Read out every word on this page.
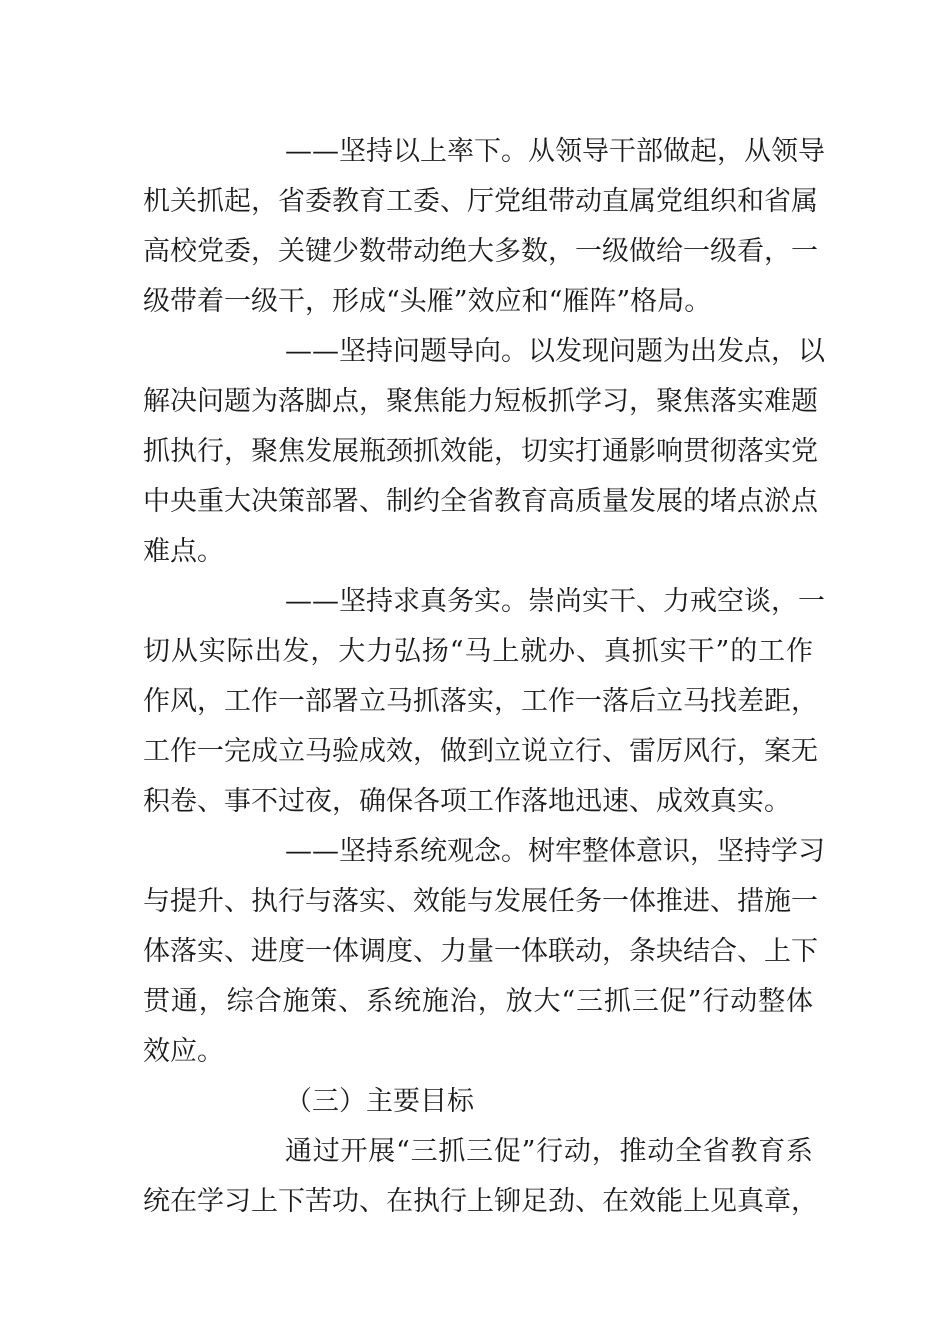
——坚持以上率下。从领导干部做起，从领导
机关抓起，省委教育工委、厅党组带动直属党组织和省属
高校党委，关键少数带动绝大多数，一级做给一级看，一
级带着一级干，形成“头雁”效应和“雁阵”格局。
——坚持问题导向。以发现问题为出发点，以
解决问题为落脚点，聚焦能力短板抓学习，聚焦落实难题
抓执行，聚焦发展瓶颈抓效能，切实打通影响贯彻落实党
中央重大决策部署、制约全省教育高质量发展的堵点淤点
难点。
——坚持求真务实。崇尚实干、力戒空谈，一
切从实际出发，大力弘扬“马上就办、真抓实干”的工作
作风，工作一部署立马抓落实，工作一落后立马找差距，
工作一完成立马验成效，做到立说立行、雷厉风行，案无
积卷、事不过夜，确保各项工作落地迅速、成效真实。
——坚持系统观念。树牢整体意识，坚持学习
与提升、执行与落实、效能与发展任务一体推进、措施一
体落实、进度一体调度、力量一体联动，条块结合、上下
贯通，综合施策、系统施治，放大“三抓三促”行动整体
效应。
（三）主要目标
通过开展“三抓三促”行动，推动全省教育系
统在学习上下苦功、在执行上铆足劲、在效能上见真章，
